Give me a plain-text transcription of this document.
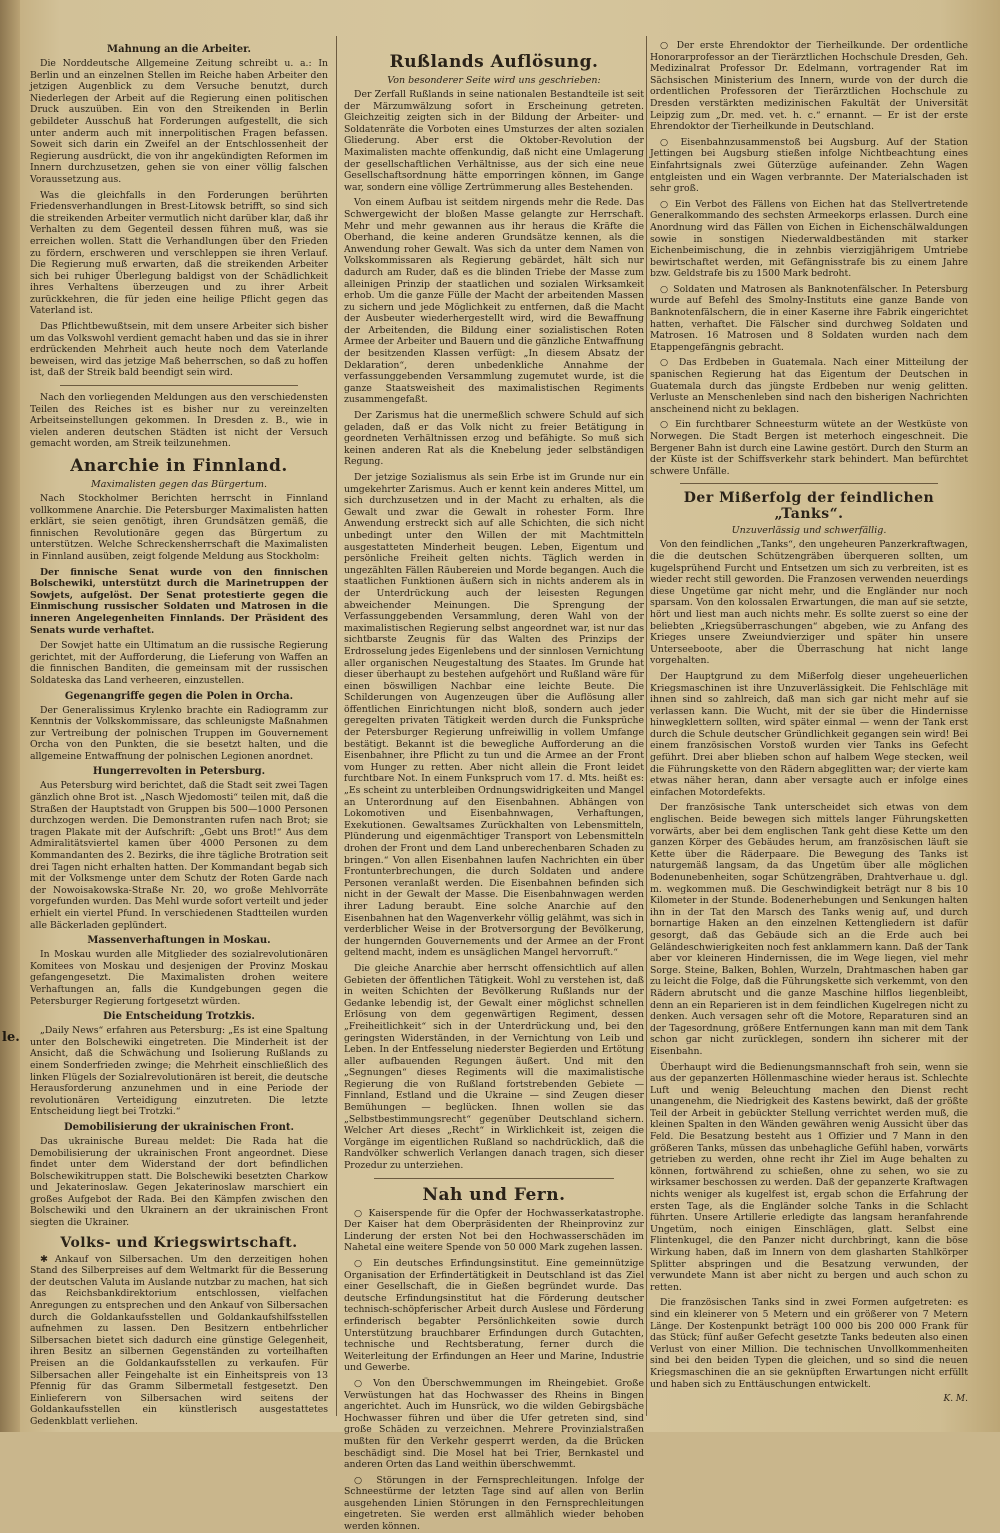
le.
Mahnung an die Arbeiter.

Die Norddeutsche Allgemeine Zeitung schreibt u. a.: In Berlin und an einzelnen Stellen im Reiche haben Arbeiter den jetzigen Augenblick zu dem Versuche benutzt, durch Niederlegen der Arbeit auf die Regierung einen politischen Druck auszuüben. Ein von den Streikenden in Berlin gebildeter Ausschuß hat Forderungen aufgestellt, die sich unter anderm auch mit innerpolitischen Fragen befassen. Soweit sich darin ein Zweifel an der Entschlossenheit der Regierung ausdrückt, die von ihr angekündigten Reformen im Innern durchzusetzen, gehen sie von einer völlig falschen Voraussetzung aus.

Was die gleichfalls in den Forderungen berührten Friedensverhandlungen in Brest-Litowsk betrifft, so sind sich die streikenden Arbeiter vermutlich nicht darüber klar, daß ihr Verhalten zu dem Gegenteil dessen führen muß, was sie erreichen wollen. Statt die Verhandlungen über den Frieden zu fördern, erschweren und verschleppen sie ihren Verlauf. Die Regierung muß erwarten, daß die streikenden Arbeiter sich bei ruhiger Überlegung baldigst von der Schädlichkeit ihres Verhaltens überzeugen und zu ihrer Arbeit zurückkehren, die für jeden eine heilige Pflicht gegen das Vaterland ist.

Das Pflichtbewußtsein, mit dem unsere Arbeiter sich bisher um das Volkswohl verdient gemacht haben und das sie in ihrer erdrückenden Mehrheit auch heute noch dem Vaterlande beweisen, wird das jetzige Maß beherrschen, so daß zu hoffen ist, daß der Streik bald beendigt sein wird.

Nach den vorliegenden Meldungen aus den verschiedensten Teilen des Reiches ist es bisher nur zu vereinzelten Arbeitseinstellungen gekommen. In Dresden z. B., wie in vielen anderen deutschen Städten ist nicht der Versuch gemacht worden, am Streik teilzunehmen.

Anarchie in Finnland.
Maximalisten gegen das Bürgertum.

Nach Stockholmer Berichten herrscht in Finnland vollkommene Anarchie. Die Petersburger Maximalisten hatten erklärt, sie seien genötigt, ihren Grundsätzen gemäß, die finnischen Revolutionäre gegen das Bürgertum zu unterstützen. Welche Schreckensherrschaft die Maximalisten in Finnland ausüben, zeigt folgende Meldung aus Stockholm:

Der finnische Senat wurde von den finnischen Bolschewiki, unterstützt durch die Marinetruppen der Sowjets, aufgelöst. Der Senat protestierte gegen die Einmischung russischer Soldaten und Matrosen in die inneren Angelegenheiten Finnlands. Der Präsident des Senats wurde verhaftet.

Der Sowjet hatte ein Ultimatum an die russische Regierung gerichtet, mit der Aufforderung, die Lieferung von Waffen an die finnischen Banditen, die gemeinsam mit der russischen Soldateska das Land verheeren, einzustellen.

Gegenangriffe gegen die Polen in Orcha.

Der Generalissimus Krylenko brachte ein Radiogramm zur Kenntnis der Volkskommissare, das schleunigste Maßnahmen zur Vertreibung der polnischen Truppen im Gouvernement Orcha von den Punkten, die sie besetzt halten, und die allgemeine Entwaffnung der polnischen Legionen anordnet.

Hungerrevolten in Petersburg.

Aus Petersburg wird berichtet, daß die Stadt seit zwei Tagen gänzlich ohne Brot ist. „Nasch Wjedomosti“ teilen mit, daß die Straßen der Hauptstadt von Gruppen bis 500—1000 Personen durchzogen werden. Die Demonstranten rufen nach Brot; sie tragen Plakate mit der Aufschrift: „Gebt uns Brot!“ Aus dem Admiralitätsviertel kamen über 4000 Personen zu dem Kommandanten des 2. Bezirks, die ihre tägliche Brotration seit drei Tagen nicht erhalten hatten. Der Kommandant begab sich mit der Volksmenge unter dem Schutz der Roten Garde nach der Nowoisakowska-Straße Nr. 20, wo große Mehlvorräte vorgefunden wurden. Das Mehl wurde sofort verteilt und jeder erhielt ein viertel Pfund. In verschiedenen Stadtteilen wurden alle Bäckerladen geplündert.

Massenverhaftungen in Moskau.

In Moskau wurden alle Mitglieder des sozialrevolutionären Komitees von Moskau und desjenigen der Provinz Moskau gefangengesetzt. Die Maximalisten drohen weitere Verhaftungen an, falls die Kundgebungen gegen die Petersburger Regierung fortgesetzt würden.

Die Entscheidung Trotzkis.

„Daily News“ erfahren aus Petersburg: „Es ist eine Spaltung unter den Bolschewiki eingetreten. Die Minderheit ist der Ansicht, daß die Schwächung und Isolierung Rußlands zu einem Sonderfrieden zwinge; die Mehrheit einschließlich des linken Flügels der Sozialrevolutionären ist bereit, die deutsche Herausforderung anzunehmen und in eine Periode der revolutionären Verteidigung einzutreten. Die letzte Entscheidung liegt bei Trotzki.“

Demobilisierung der ukrainischen Front.

Das ukrainische Bureau meldet: Die Rada hat die Demobilisierung der ukrainischen Front angeordnet. Diese findet unter dem Widerstand der dort befindlichen Bolschewikitruppen statt. Die Bolschewiki besetzten Charkow und Jekaterinoslaw. Gegen Jekaterinoslaw marschiert ein großes Aufgebot der Rada. Bei den Kämpfen zwischen den Bolschewiki und den Ukrainern an der ukrainischen Front siegten die Ukrainer.

Volks- und Kriegswirtschaft.

✱ Ankauf von Silbersachen. Um den derzeitigen hohen Stand des Silberpreises auf dem Weltmarkt für die Besserung der deutschen Valuta im Auslande nutzbar zu machen, hat sich das Reichsbankdirektorium entschlossen, vielfachen Anregungen zu entsprechen und den Ankauf von Silbersachen durch die Goldankaufsstellen und Goldankaufshilfsstellen aufnehmen zu lassen. Den Besitzern entbehrlicher Silbersachen bietet sich dadurch eine günstige Gelegenheit, ihren Besitz an silbernen Gegenständen zu vorteilhaften Preisen an die Goldankaufsstellen zu verkaufen. Für Silbersachen aller Feingehalte ist ein Einheitspreis von 13 Pfennig für das Gramm Silbermetall festgesetzt. Den Einlieferern von Silbersachen wird seitens der Goldankaufsstellen ein künstlerisch ausgestattetes Gedenkblatt verliehen.

Rußlands Auflösung.
Von besonderer Seite wird uns geschrieben:

Der Zerfall Rußlands in seine nationalen Bestandteile ist seit der Märzumwälzung sofort in Erscheinung getreten. Gleichzeitig zeigten sich in der Bildung der Arbeiter- und Soldatenräte die Vorboten eines Umsturzes der alten sozialen Gliederung. Aber erst die Oktober-Revolution der Maximalisten machte offenkundig, daß nicht eine Umlagerung der gesellschaftlichen Verhältnisse, aus der sich eine neue Gesellschaftsordnung hätte emporringen können, im Gange war, sondern eine völlige Zertrümmerung alles Bestehenden.

Von einem Aufbau ist seitdem nirgends mehr die Rede. Das Schwergewicht der bloßen Masse gelangte zur Herrschaft. Mehr und mehr gewannen aus ihr heraus die Kräfte die Oberhand, die keine anderen Grundsätze kennen, als die Anwendung roher Gewalt. Was sich da unter dem Namen von Volkskommissaren als Regierung gebärdet, hält sich nur dadurch am Ruder, daß es die blinden Triebe der Masse zum alleinigen Prinzip der staatlichen und sozialen Wirksamkeit erhob. Um die ganze Fülle der Macht der arbeitenden Massen zu sichern und jede Möglichkeit zu entfernen, daß die Macht der Ausbeuter wiederhergestellt wird, wird die Bewaffnung der Arbeitenden, die Bildung einer sozialistischen Roten Armee der Arbeiter und Bauern und die gänzliche Entwaffnung der besitzenden Klassen verfügt: „In diesem Absatz der Deklaration“, deren unbedenkliche Annahme der verfassunggebenden Versammlung zugemutet wurde, ist die ganze Staatsweisheit des maximalistischen Regiments zusammengefaßt.

Der Zarismus hat die unermeßlich schwere Schuld auf sich geladen, daß er das Volk nicht zu freier Betätigung in geordneten Verhältnissen erzog und befähigte. So muß sich keinen anderen Rat als die Knebelung jeder selbständigen Regung.

Der jetzige Sozialismus als sein Erbe ist im Grunde nur ein umgekehrter Zarismus. Auch er kennt kein anderes Mittel, um sich durchzusetzen und in der Macht zu erhalten, als die Gewalt und zwar die Gewalt in rohester Form. Ihre Anwendung erstreckt sich auf alle Schichten, die sich nicht unbedingt unter den Willen der mit Machtmitteln ausgestatteten Minderheit beugen. Leben, Eigentum und persönliche Freiheit gelten nichts. Täglich werden in ungezählten Fällen Räubereien und Morde begangen. Auch die staatlichen Funktionen äußern sich in nichts anderem als in der Unterdrückung auch der leisesten Regungen abweichender Meinungen. Die Sprengung der Verfassunggebenden Versammlung, deren Wahl von der maximalistischen Regierung selbst angeordnet war, ist nur das sichtbarste Zeugnis für das Walten des Prinzips der Erdrosselung jedes Eigenlebens und der sinnlosen Vernichtung aller organischen Neugestaltung des Staates. Im Grunde hat dieser überhaupt zu bestehen aufgehört und Rußland wäre für einen böswilligen Nachbar eine leichte Beute. Die Schilderungen von Augenzeugen über die Auflösung aller öffentlichen Einrichtungen nicht bloß, sondern auch jeder geregelten privaten Tätigkeit werden durch die Funksprüche der Petersburger Regierung unfreiwillig in vollem Umfange bestätigt. Bekannt ist die bewegliche Aufforderung an die Eisenbahner, ihre Pflicht zu tun und die Armee an der Front vom Hunger zu retten. Aber nicht allein die Front leidet furchtbare Not. In einem Funkspruch vom 17. d. Mts. heißt es: „Es scheint zu unterbleiben Ordnungswidrigkeiten und Mangel an Unterordnung auf den Eisenbahnen. Abhängen von Lokomotiven und Eisenbahnwagen, Verhaftungen, Exekutionen. Gewaltsames Zurückhalten von Lebensmitteln, Plünderung und eigenmächtiger Transport von Lebensmitteln drohen der Front und dem Land unberechenbaren Schaden zu bringen.“ Von allen Eisenbahnen laufen Nachrichten ein über Frontunterbrechungen, die durch Soldaten und andere Personen veranlaßt werden. Die Eisenbahnen befinden sich nicht in der Gewalt der Masse. Die Eisenbahnwagen werden ihrer Ladung beraubt. Eine solche Anarchie auf den Eisenbahnen hat den Wagenverkehr völlig gelähmt, was sich in verderblicher Weise in der Brotversorgung der Bevölkerung, der hungernden Gouvernements und der Armee an der Front geltend macht, indem es unsäglichen Mangel hervorruft.“

Die gleiche Anarchie aber herrscht offensichtlich auf allen Gebieten der öffentlichen Tätigkeit. Wohl zu verstehen ist, daß in weiten Schichten der Bevölkerung Rußlands nur der Gedanke lebendig ist, der Gewalt einer möglichst schnellen Erlösung von dem gegenwärtigen Regiment, dessen „Freiheitlichkeit“ sich in der Unterdrückung und, bei den geringsten Widerständen, in der Vernichtung von Leib und Leben. In der Entfesselung niederster Begierden und Ertötung aller aufbauenden Regungen äußert. Und mit den „Segnungen“ dieses Regiments will die maximalistische Regierung die von Rußland fortstrebenden Gebiete — Finnland, Estland und die Ukraine — sind Zeugen dieser Bemühungen — beglücken. Ihnen wollen sie das „Selbstbestimmungsrecht“ gegenüber Deutschland sichern. Welcher Art dieses „Recht“ in Wirklichkeit ist, zeigen die Vorgänge im eigentlichen Rußland so nachdrücklich, daß die Randvölker schwerlich Verlangen danach tragen, sich dieser Prozedur zu unterziehen.

Nah und Fern.

○ Kaiserspende für die Opfer der Hochwasserkatastrophe. Der Kaiser hat dem Oberpräsidenten der Rheinprovinz zur Linderung der ersten Not bei den Hochwasserschäden im Nahetal eine weitere Spende von 50 000 Mark zugehen lassen.

○ Ein deutsches Erfindungsinstitut. Eine gemeinnützige Organisation der Erfindertätigkeit in Deutschland ist das Ziel einer Gesellschaft, die in Gießen begründet wurde. Das deutsche Erfindungsinstitut hat die Förderung deutscher technisch-schöpferischer Arbeit durch Auslese und Förderung erfinderisch begabter Persönlichkeiten sowie durch Unterstützung brauchbarer Erfindungen durch Gutachten, technische und Rechtsberatung, ferner durch die Weiterleitung der Erfindungen an Heer und Marine, Industrie und Gewerbe.

○ Von den Überschwemmungen im Rheingebiet. Große Verwüstungen hat das Hochwasser des Rheins in Bingen angerichtet. Auch im Hunsrück, wo die wilden Gebirgsbäche Hochwasser führen und über die Ufer getreten sind, sind große Schäden zu verzeichnen. Mehrere Provinzialstraßen mußten für den Verkehr gesperrt werden, da die Brücken beschädigt sind. Die Mosel hat bei Trier, Bernkastel und anderen Orten das Land weithin überschwemmt.

○ Störungen in der Fernsprechleitungen. Infolge der Schneestürme der letzten Tage sind auf allen von Berlin ausgehenden Linien Störungen in den Fernsprechleitungen eingetreten. Sie werden erst allmählich wieder behoben werden können.

○ Der erste Ehrendoktor der Tierheilkunde. Der ordentliche Honorarprofessor an der Tierärztlichen Hochschule Dresden, Geh. Medizinalrat Professor Dr. Edelmann, vortragender Rat im Sächsischen Ministerium des Innern, wurde von der durch die ordentlichen Professoren der Tierärztlichen Hochschule zu Dresden verstärkten medizinischen Fakultät der Universität Leipzig zum „Dr. med. vet. h. c.“ ernannt. — Er ist der erste Ehrendoktor der Tierheilkunde in Deutschland.

○ Eisenbahnzusammenstoß bei Augsburg. Auf der Station Jettingen bei Augsburg stießen infolge Nichtbeachtung eines Einfahrtsignals zwei Güterzüge aufeinander. Zehn Wagen entgleisten und ein Wagen verbrannte. Der Materialschaden ist sehr groß.

○ Ein Verbot des Fällens von Eichen hat das Stellvertretende Generalkommando des sechsten Armeekorps erlassen. Durch eine Anordnung wird das Fällen von Eichen in Eichenschälwaldungen sowie in sonstigen Niederwaldbeständen mit starker Eichenbeimischung, die in zehnbis vierzigjährigem Umtriebe bewirtschaftet werden, mit Gefängnisstrafe bis zu einem Jahre bzw. Geldstrafe bis zu 1500 Mark bedroht.

○ Soldaten und Matrosen als Banknotenfälscher. In Petersburg wurde auf Befehl des Smolny-Instituts eine ganze Bande von Banknotenfälschern, die in einer Kaserne ihre Fabrik eingerichtet hatten, verhaftet. Die Fälscher sind durchweg Soldaten und Matrosen. 16 Matrosen und 8 Soldaten wurden nach dem Etappengefängnis gebracht.

○ Das Erdbeben in Guatemala. Nach einer Mitteilung der spanischen Regierung hat das Eigentum der Deutschen in Guatemala durch das jüngste Erdbeben nur wenig gelitten. Verluste an Menschenleben sind nach den bisherigen Nachrichten anscheinend nicht zu beklagen.

○ Ein furchtbarer Schneesturm wütete an der Westküste von Norwegen. Die Stadt Bergen ist meterhoch eingeschneit. Die Bergener Bahn ist durch eine Lawine gestört. Durch den Sturm an der Küste ist der Schiffsverkehr stark behindert. Man befürchtet schwere Unfälle.

Der Mißerfolg der feindlichen „Tanks“.
Unzuverlässig und schwerfällig.

Von den feindlichen „Tanks“, den ungeheuren Panzerkraftwagen, die die deutschen Schützengräben überqueren sollten, um kugelsprühend Furcht und Entsetzen um sich zu verbreiten, ist es wieder recht still geworden. Die Franzosen verwenden neuerdings diese Ungetüme gar nicht mehr, und die Engländer nur noch sparsam. Von den kolossalen Erwartungen, die man auf sie setzte, hört und liest man auch nichts mehr. Es sollte zuerst so eine der beliebten „Kriegsüberraschungen“ abgeben, wie zu Anfang des Krieges unsere Zweiundvierziger und später hin unsere Unterseeboote, aber die Überraschung hat nicht lange vorgehalten.

Der Hauptgrund zu dem Mißerfolg dieser ungeheuerlichen Kriegsmaschinen ist ihre Unzuverlässigkeit. Die Fehlschläge mit ihnen sind so zahlreich, daß man sich gar nicht mehr auf sie verlassen kann. Die Wucht, mit der sie über die Hindernisse hinwegklettern sollten, wird später einmal — wenn der Tank erst durch die Schule deutscher Gründlichkeit gegangen sein wird! Bei einem französischen Vorstoß wurden vier Tanks ins Gefecht geführt. Drei aber blieben schon auf halbem Wege stecken, weil die Führungskette von den Rädern abgeglitten war; der vierte kam etwas näher heran, dann aber versagte auch er infolge eines einfachen Motordefekts.

Der französische Tank unterscheidet sich etwas von dem englischen. Beide bewegen sich mittels langer Führungsketten vorwärts, aber bei dem englischen Tank geht diese Kette um den ganzen Körper des Gebäudes herum, am französischen läuft sie Kette über die Räderpaare. Die Bewegung des Tanks ist naturgemäß langsam, da das Ungetüm über alle möglichen Bodenunebenheiten, sogar Schützengräben, Drahtverhaue u. dgl. m. wegkommen muß. Die Geschwindigkeit beträgt nur 8 bis 10 Kilometer in der Stunde. Bodenerhebungen und Senkungen halten ihn in der Tat den Marsch des Tanks wenig auf, und durch bornartige Haken an den einzelnen Kettengliedern ist dafür gesorgt, daß das Gebäude sich an die Erde auch bei Geländeschwierigkeiten noch fest anklammern kann. Daß der Tank aber vor kleineren Hindernissen, die im Wege liegen, viel mehr Sorge. Steine, Balken, Bohlen, Wurzeln, Drahtmaschen haben gar zu leicht die Folge, daß die Führungskette sich verkemmt, von den Rädern abrutscht und die ganze Maschine hilflos liegenbleibt, denn an ein Reparieren ist in dem feindlichen Kugelregen nicht zu denken. Auch versagen sehr oft die Motore, Reparaturen sind an der Tagesordnung, größere Entfernungen kann man mit dem Tank schon gar nicht zurücklegen, sondern ihn sicherer mit der Eisenbahn.

Überhaupt wird die Bedienungsmannschaft froh sein, wenn sie aus der gepanzerten Höllenmaschine wieder heraus ist. Schlechte Luft und wenig Beleuchtung machen den Dienst recht unangenehm, die Niedrigkeit des Kastens bewirkt, daß der größte Teil der Arbeit in gebückter Stellung verrichtet werden muß, die kleinen Spalten in den Wänden gewähren wenig Aussicht über das Feld. Die Besatzung besteht aus 1 Offizier und 7 Mann in den größeren Tanks, müssen das unbehagliche Gefühl haben, vorwärts getrieben zu werden, ohne recht ihr Ziel im Auge behalten zu können, fortwährend zu schießen, ohne zu sehen, wo sie zu wirksamer beschossen zu werden. Daß der gepanzerte Kraftwagen nichts weniger als kugelfest ist, ergab schon die Erfahrung der ersten Tage, als die Engländer solche Tanks in die Schlacht führten. Unsere Artillerie erledigte das langsam heranfahrende Ungetüm, noch einigen Einschlägen, glatt. Selbst eine Flintenkugel, die den Panzer nicht durchbringt, kann die böse Wirkung haben, daß im Innern von dem glasharten Stahlkörper Splitter abspringen und die Besatzung verwunden, der verwundete Mann ist aber nicht zu bergen und auch schon zu retten.

Die französischen Tanks sind in zwei Formen aufgetreten: es sind ein kleinerer von 5 Metern und ein größerer von 7 Metern Länge. Der Kostenpunkt beträgt 100 000 bis 200 000 Frank für das Stück; fünf außer Gefecht gesetzte Tanks bedeuten also einen Verlust von einer Million. Die technischen Unvollkommenheiten sind bei den beiden Typen die gleichen, und so sind die neuen Kriegsmaschinen die an sie geknüpften Erwartungen nicht erfüllt und haben sich zu Enttäuschungen entwickelt.

K. M.
